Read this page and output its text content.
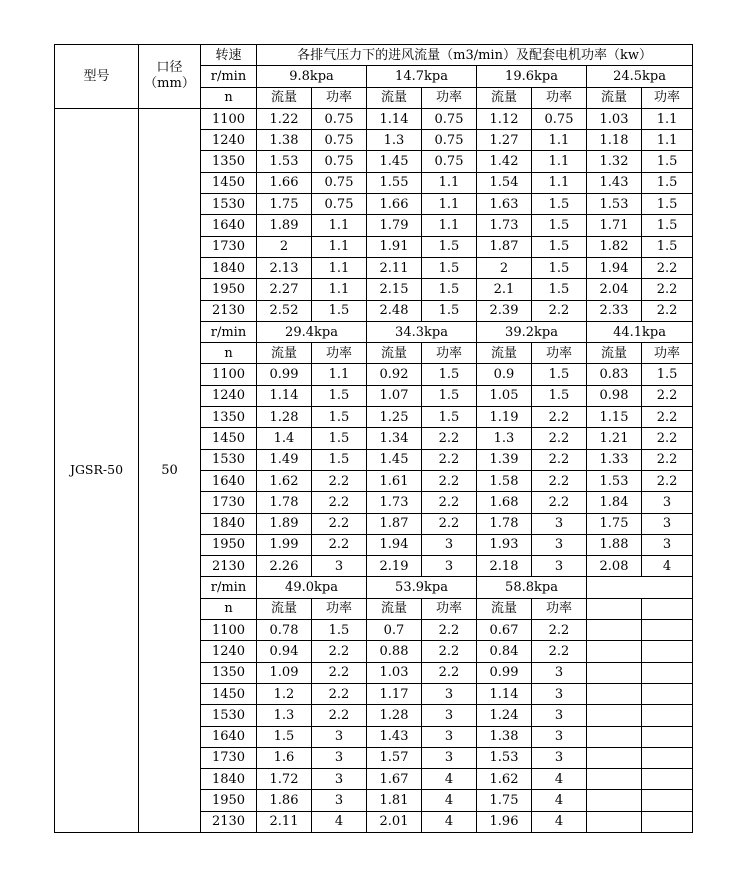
型号	口径
（mm）	转速	各排气压力下的进风流量（m3/min）及配套电机功率（kw）							
		r/min	9.8kpa		14.7kpa		19.6kpa		24.5kpa	
		n	流量	功率	流量	功率	流量	功率	流量	功率
JGSR-50	50	1100	1.22	0.75	1.14	0.75	1.12	0.75	1.03	1.1
		1240	1.38	0.75	1.3	0.75	1.27	1.1	1.18	1.1
		1350	1.53	0.75	1.45	0.75	1.42	1.1	1.32	1.5
		1450	1.66	0.75	1.55	1.1	1.54	1.1	1.43	1.5
		1530	1.75	0.75	1.66	1.1	1.63	1.5	1.53	1.5
		1640	1.89	1.1	1.79	1.1	1.73	1.5	1.71	1.5
		1730	2	1.1	1.91	1.5	1.87	1.5	1.82	1.5
		1840	2.13	1.1	2.11	1.5	2	1.5	1.94	2.2
		1950	2.27	1.1	2.15	1.5	2.1	1.5	2.04	2.2
		2130	2.52	1.5	2.48	1.5	2.39	2.2	2.33	2.2
		r/min	29.4kpa		34.3kpa		39.2kpa		44.1kpa	
		n	流量	功率	流量	功率	流量	功率	流量	功率
		1100	0.99	1.1	0.92	1.5	0.9	1.5	0.83	1.5
		1240	1.14	1.5	1.07	1.5	1.05	1.5	0.98	2.2
		1350	1.28	1.5	1.25	1.5	1.19	2.2	1.15	2.2
		1450	1.4	1.5	1.34	2.2	1.3	2.2	1.21	2.2
		1530	1.49	1.5	1.45	2.2	1.39	2.2	1.33	2.2
		1640	1.62	2.2	1.61	2.2	1.58	2.2	1.53	2.2
		1730	1.78	2.2	1.73	2.2	1.68	2.2	1.84	3
		1840	1.89	2.2	1.87	2.2	1.78	3	1.75	3
		1950	1.99	2.2	1.94	3	1.93	3	1.88	3
		2130	2.26	3	2.19	3	2.18	3	2.08	4
		r/min	49.0kpa		53.9kpa		58.8kpa			
		n	流量	功率	流量	功率	流量	功率		
		1100	0.78	1.5	0.7	2.2	0.67	2.2		
		1240	0.94	2.2	0.88	2.2	0.84	2.2		
		1350	1.09	2.2	1.03	2.2	0.99	3		
		1450	1.2	2.2	1.17	3	1.14	3		
		1530	1.3	2.2	1.28	3	1.24	3		
		1640	1.5	3	1.43	3	1.38	3		
		1730	1.6	3	1.57	3	1.53	3		
		1840	1.72	3	1.67	4	1.62	4		
		1950	1.86	3	1.81	4	1.75	4		
		2130	2.11	4	2.01	4	1.96	4		
